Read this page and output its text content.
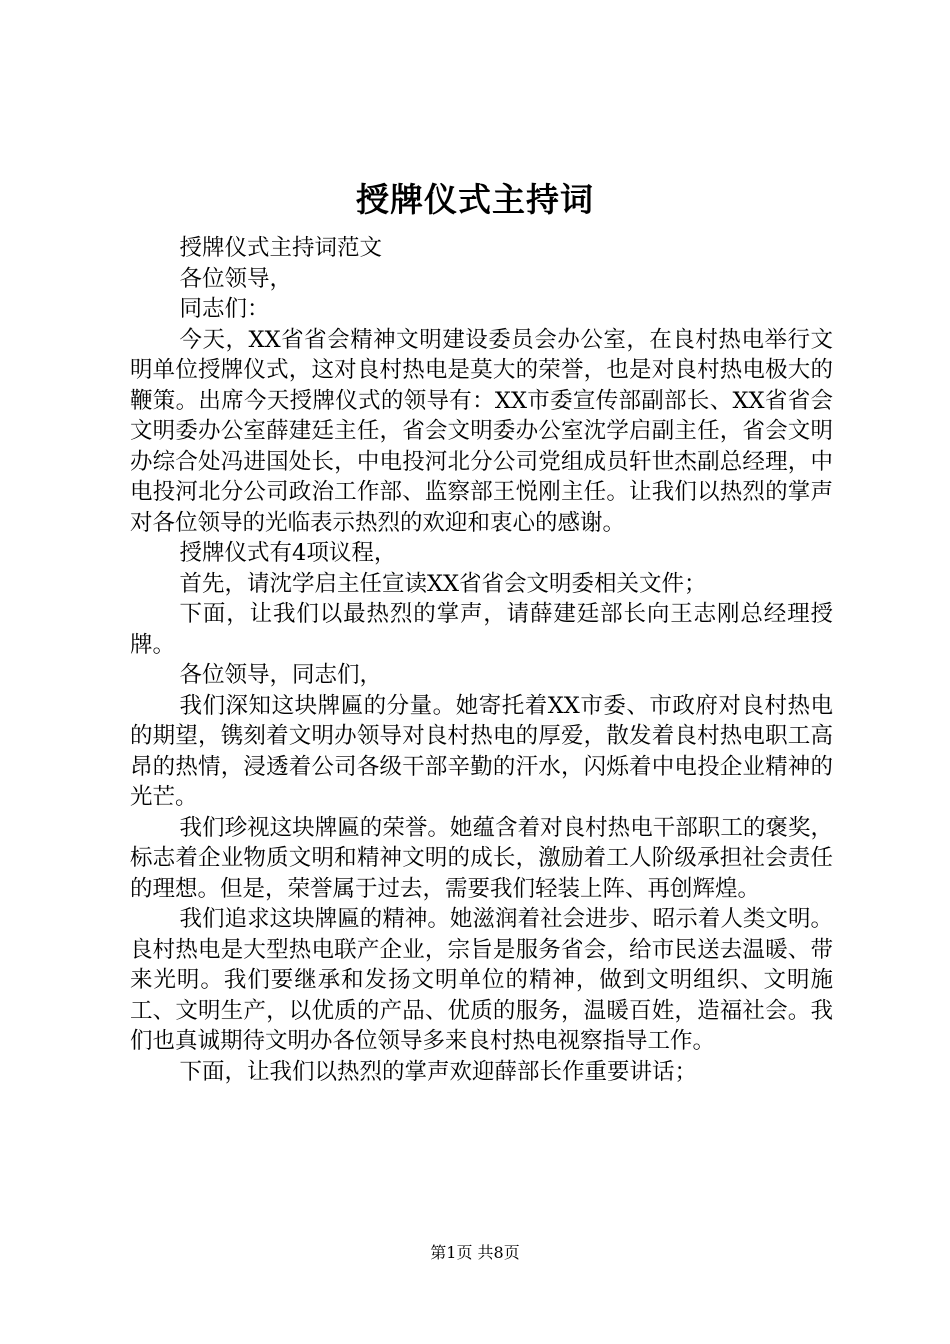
授牌仪式主持词

授牌仪式主持词范文

各位领导，

同志们：

今天，XX省省会精神文明建设委员会办公室，在良村热电举行文明单位授牌仪式，这对良村热电是莫大的荣誉，也是对良村热电极大的鞭策。出席今天授牌仪式的领导有：XX市委宣传部副部长、XX省省会文明委办公室薛建廷主任，省会文明委办公室沈学启副主任，省会文明办综合处冯进国处长，中电投河北分公司党组成员轩世杰副总经理，中电投河北分公司政治工作部、监察部王悦刚主任。让我们以热烈的掌声对各位领导的光临表示热烈的欢迎和衷心的感谢。

授牌仪式有4项议程，

首先，请沈学启主任宣读XX省省会文明委相关文件；

下面，让我们以最热烈的掌声，请薛建廷部长向王志刚总经理授牌。

各位领导，同志们，

我们深知这块牌匾的分量。她寄托着XX市委、市政府对良村热电的期望，镌刻着文明办领导对良村热电的厚爱，散发着良村热电职工高昂的热情，浸透着公司各级干部辛勤的汗水，闪烁着中电投企业精神的光芒。

我们珍视这块牌匾的荣誉。她蕴含着对良村热电干部职工的褒奖，标志着企业物质文明和精神文明的成长，激励着工人阶级承担社会责任的理想。但是，荣誉属于过去，需要我们轻装上阵、再创辉煌。

我们追求这块牌匾的精神。她滋润着社会进步、昭示着人类文明。良村热电是大型热电联产企业，宗旨是服务省会，给市民送去温暖、带来光明。我们要继承和发扬文明单位的精神，做到文明组织、文明施工、文明生产，以优质的产品、优质的服务，温暖百姓，造福社会。我们也真诚期待文明办各位领导多来良村热电视察指导工作。

下面，让我们以热烈的掌声欢迎薛部长作重要讲话；

第1页 共8页
